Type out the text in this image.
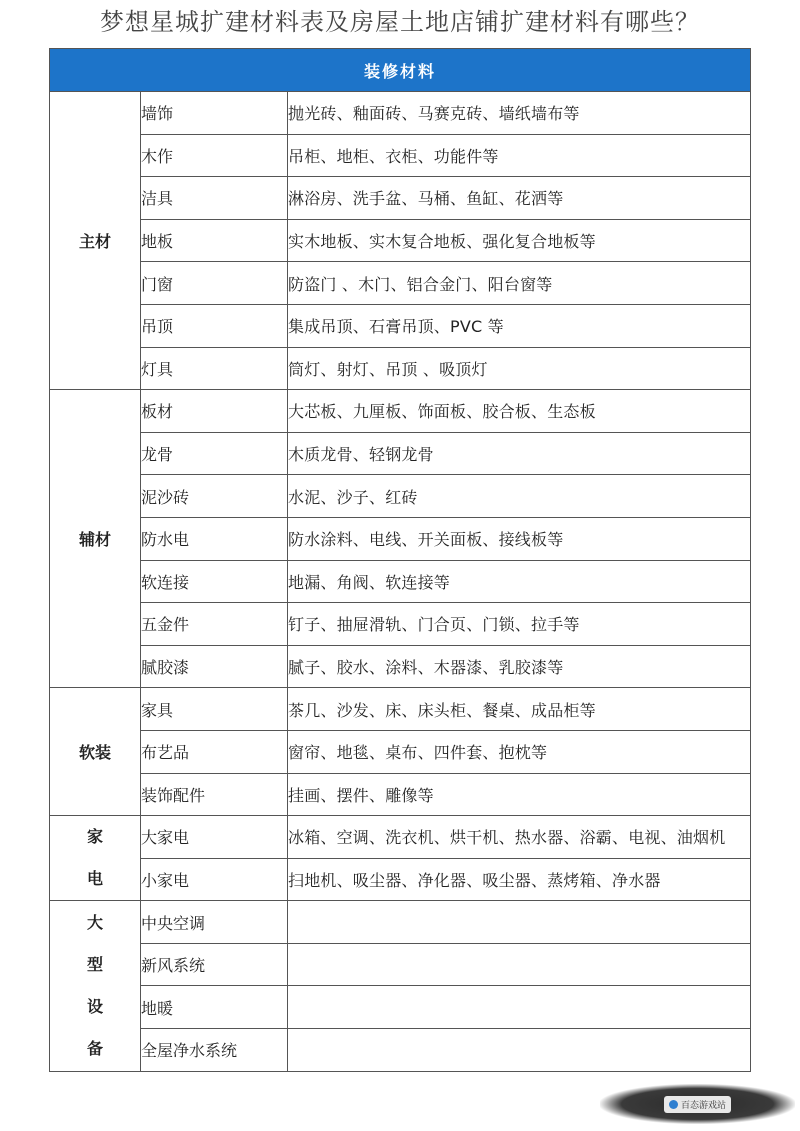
梦想星城扩建材料表及房屋土地店铺扩建材料有哪些？
装修材料		
主材	墙饰	抛光砖、釉面砖、马赛克砖、墙纸墙布等
	木作	吊柜、地柜、衣柜、功能件等
	洁具	淋浴房、洗手盆、马桶、鱼缸、花洒等
	地板	实木地板、实木复合地板、强化复合地板等
	门窗	防盗门 、木门、铝合金门、阳台窗等
	吊顶	集成吊顶、石膏吊顶、PVC 等
	灯具	筒灯、射灯、吊顶 、吸顶灯
辅材	板材	大芯板、九厘板、饰面板、胶合板、生态板
	龙骨	木质龙骨、轻钢龙骨
	泥沙砖	水泥、沙子、红砖
	防水电	防水涂料、电线、开关面板、接线板等
	软连接	地漏、角阀、软连接等
	五金件	钉子、抽屉滑轨、门合页、门锁、拉手等
	腻胶漆	腻子、胶水、涂料、木器漆、乳胶漆等
软装	家具	茶几、沙发、床、床头柜、餐桌、成品柜等
	布艺品	窗帘、地毯、桌布、四件套、抱枕等
	装饰配件	挂画、摆件、雕像等

家
电	大家电	冰箱、空调、洗衣机、烘干机、热水器、浴霸、电视、油烟机
	小家电	扫地机、吸尘器、净化器、吸尘器、蒸烤箱、净水器

大
型
设
备	中央空调	
	新风系统	
	地暖	
	全屋净水系统	
百态游戏站
